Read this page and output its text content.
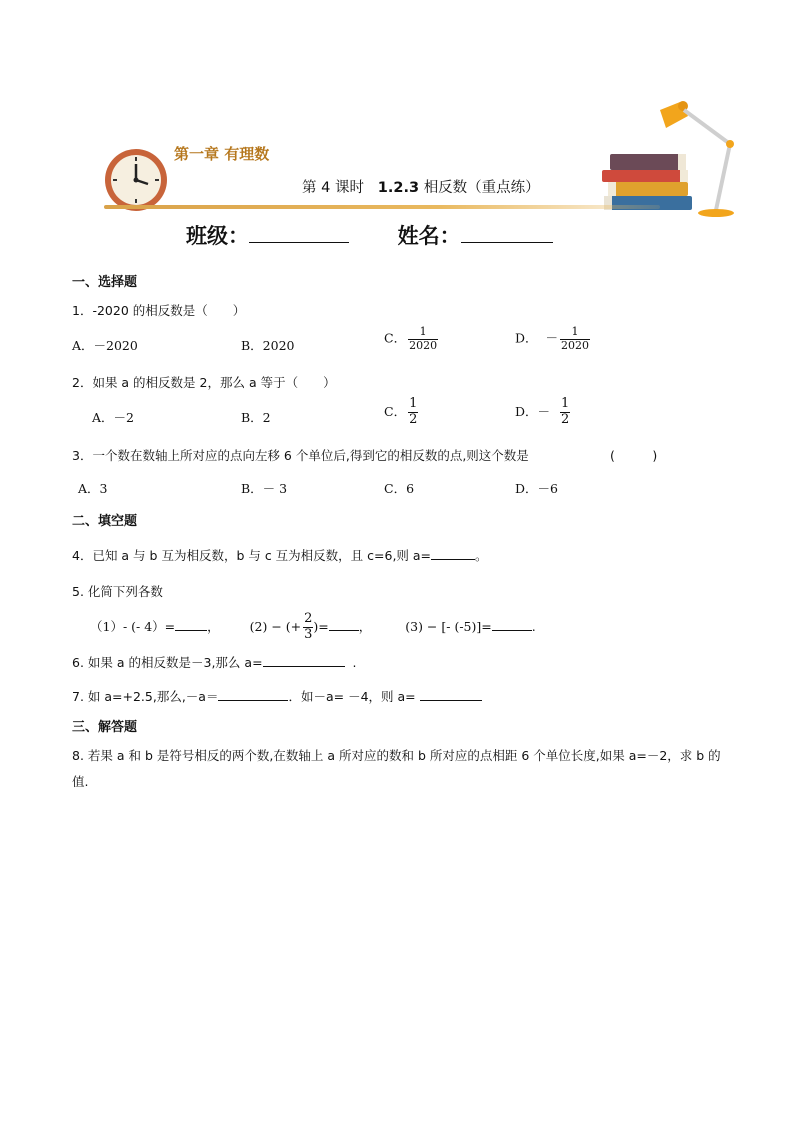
第一章 有理数
第 4 课时 1.2.3 相反数（重点练）
班级：	姓名：
一、选择题
1．-2020 的相反数是（　　）
A．－2020	B．2020	C． $\frac{1}{2020}$	D． － $\frac{1}{2020}$
2．如果 a 的相反数是 2，那么 a 等于（　　）
A．－2	B．2	C． $\frac{1}{2}$	D．－ $\frac{1}{2}$
3．一个数在数轴上所对应的点向左移 6 个单位后,得到它的相反数的点,则这个数是	(　　　)
A．3	B．－ 3	C．6	D．－6
二、填空题
4．已知 a 与 b 互为相反数，b 与 c 互为相反数，且 c=6,则 a=	。
5. 化简下列各数
（1）- (- 4）=	， (2) − (+ $\frac{2}{3}$ )= ，	(3) − [- (-5)]=	.
6. 如果 a 的相反数是－3,那么 a=	.
7. 如 a=+2.5,那么,－a＝	．如－a= －4，则 a=
三、解答题
8. 若果 a 和 b 是符号相反的两个数,在数轴上 a 所对应的数和 b 所对应的点相距 6 个单位长度,如果 a=－2，求 b 的值.
